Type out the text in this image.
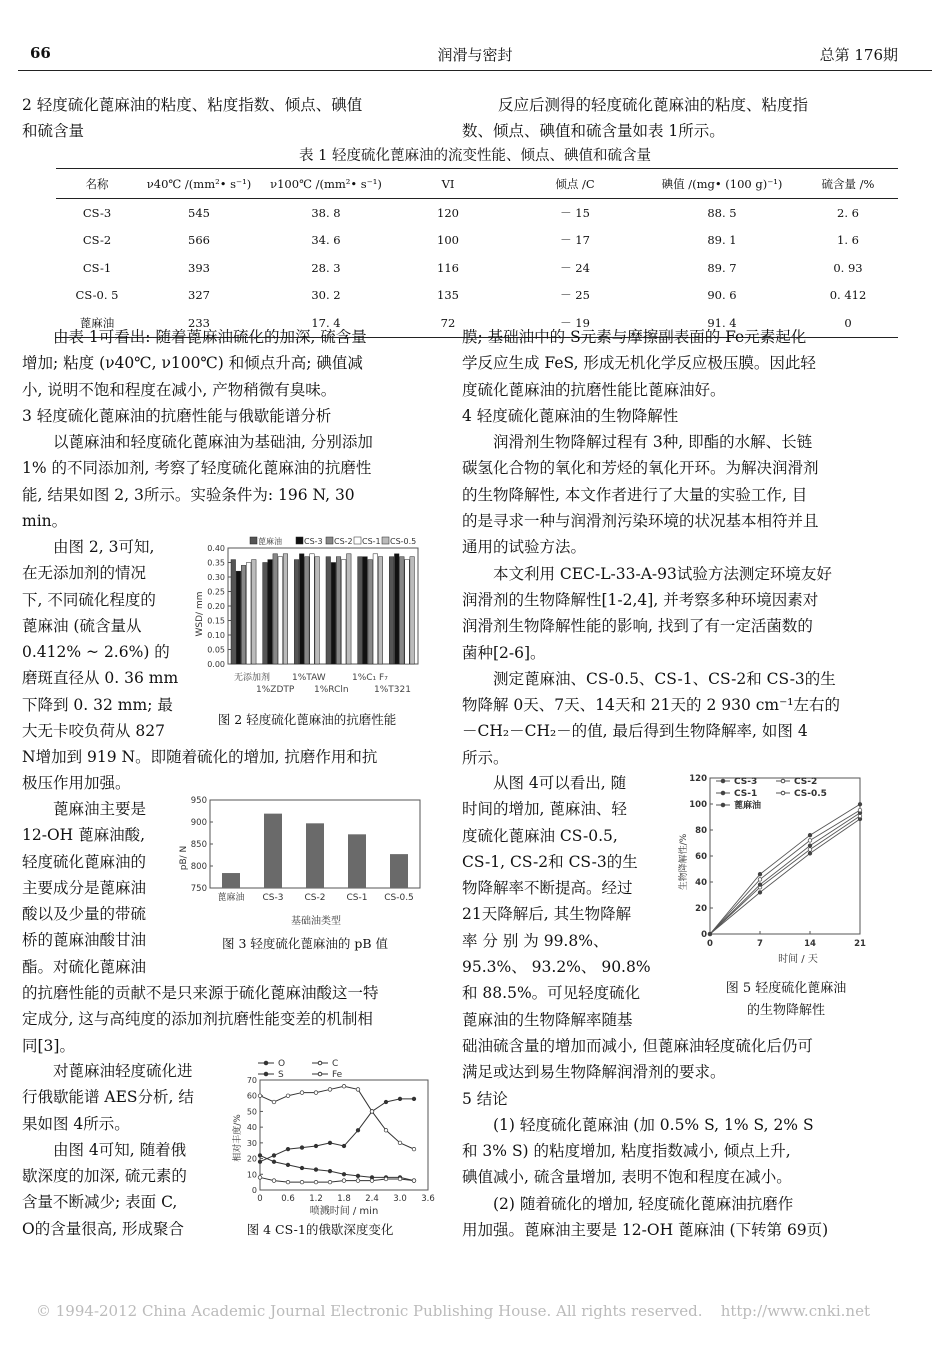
66	润滑与密封	总第 176期
2 轻度硫化蓖麻油的粘度、粘度指数、倾点、碘值
和硫含量
反应后测得的轻度硫化蓖麻油的粘度、粘度指
数、倾点、碘值和硫含量如表 1所示。
表 1 轻度硫化蓖麻油的流变性能、倾点、碘值和硫含量
名称	ν40℃ /(mm²• s⁻¹)	ν100℃ /(mm²• s⁻¹)	VI	倾点 /C	碘值 /(mg• (100 g)⁻¹)	硫含量 /%
CS-3	545	38. 8	120	－ 15	88. 5	2. 6
CS-2	566	34. 6	100	－ 17	89. 1	1. 6
CS-1	393	28. 3	116	－ 24	89. 7	0. 93
CS-0. 5	327	30. 2	135	－ 25	90. 6	0. 412
蓖麻油	233	17. 4	72	－ 19	91. 4	0

由表 1可看出: 随着蓖麻油硫化的加深, 硫含量

增加; 粘度 (ν40℃, ν100℃) 和倾点升高; 碘值减

小, 说明不饱和程度在减小, 产物稍微有臭味。

3 轻度硫化蓖麻油的抗磨性能与俄歇能谱分析

以蓖麻油和轻度硫化蓖麻油为基础油, 分别添加

1% 的不同添加剂, 考察了轻度硫化蓖麻油的抗磨性

能, 结果如图 2, 3所示。实验条件为: 196 N, 30

min。

由图 2, 3可知,

在无添加剂的情况

下, 不同硫化程度的

蓖麻油 (硫含量从

0.412% ~ 2.6%) 的

磨斑直径从 0. 36 mm

下降到 0. 32 mm; 最

大无卡咬负荷从 827

N增加到 919 N。即随着硫化的增加, 抗磨作用和抗

极压作用加强。

蓖麻油主要是

12-OH 蓖麻油酸,

轻度硫化蓖麻油的

主要成分是蓖麻油

酸以及少量的带硫

桥的蓖麻油酸甘油

酯。对硫化蓖麻油

的抗磨性能的贡献不是只来源于硫化蓖麻油酸这一特

定成分, 这与高纯度的添加剂抗磨性能变差的机制相

同[3]。

对蓖麻油轻度硫化进

行俄歇能谱 AES分析, 结

果如图 4所示。

由图 4可知, 随着俄

歇深度的加深, 硫元素的

含量不断减少; 表面 C,

O的含量很高, 形成聚合

0.00
0.05
0.10
0.15
0.20
0.25
0.30
0.35
0.40
蓖麻油	CS-3 CS-2 CS-1 CS-0.5
WSD/ mm
无添加剂 1%TAW	1%C₁ F₇
1%ZDTP 1%RCln	1%T321
图 2 轻度硫化蓖麻油的抗磨性能
750
800
850
900
950
蓖麻油 CS-3 CS-2 CS-1 CS-0.5
pB/ N
基础油类型
图 3 轻度硫化蓖麻油的 pB 值
0
10
20
30
40
50
60
70
0 0.6 1.2 1.8 2.4 3.0 3.6
O	C
S	Fe
相对丰度/%
喷溅时间 / min
图 4 CS-1的俄歇深度变化

膜; 基础油中的 S元素与摩擦副表面的 Fe元素起化

学反应生成 FeS, 形成无机化学反应极压膜。因此轻

度硫化蓖麻油的抗磨性能比蓖麻油好。

4 轻度硫化蓖麻油的生物降解性

润滑剂生物降解过程有 3种, 即酯的水解、长链

碳氢化合物的氧化和芳烃的氧化开环。为解决润滑剂

的生物降解性, 本文作者进行了大量的实验工作, 目

的是寻求一种与润滑剂污染环境的状况基本相符并且

通用的试验方法。

本文利用 CEC-L-33-A-93试验方法测定环境友好

润滑剂的生物降解性[1-2,4], 并考察多种环境因素对

润滑剂生物降解性能的影响, 找到了有一定活菌数的

菌种[2-6]。

测定蓖麻油、CS-0.5、CS-1、CS-2和 CS-3的生

物降解 0天、7天、14天和 21天的 2 930 cm⁻¹左右的

－CH₂－CH₂－的值, 最后得到生物降解率, 如图 4

所示。

从图 4可以看出, 随

时间的增加, 蓖麻油、轻

度硫化蓖麻油 CS-0.5,

CS-1, CS-2和 CS-3的生

物降解率不断提高。经过

21天降解后, 其生物降解

率 分 别 为 99.8%、

95.3%、 93.2%、 90.8%

和 88.5%。可见轻度硫化

蓖麻油的生物降解率随基

0
20
40
60
80
100
120
0	7	14	21
生物降解性/%
时间 / 天
CS-3	CS-2
CS-1	CS-0.5
蓖麻油
图 5 轻度硫化蓖麻油
的生物降解性

础油硫含量的增加而减小, 但蓖麻油轻度硫化后仍可

满足或达到易生物降解润滑剂的要求。

5 结论

(1) 轻度硫化蓖麻油 (加 0.5% S, 1% S, 2% S

和 3% S) 的粘度增加, 粘度指数减小, 倾点上升,

碘值减小, 硫含量增加, 表明不饱和程度在减小。

(2) 随着硫化的增加, 轻度硫化蓖麻油抗磨作

用加强。蓖麻油主要是 12-OH 蓖麻油 (下转第 69页)

© 1994-2012 China Academic Journal Electronic Publishing House. All rights reserved. http://www.cnki.net
